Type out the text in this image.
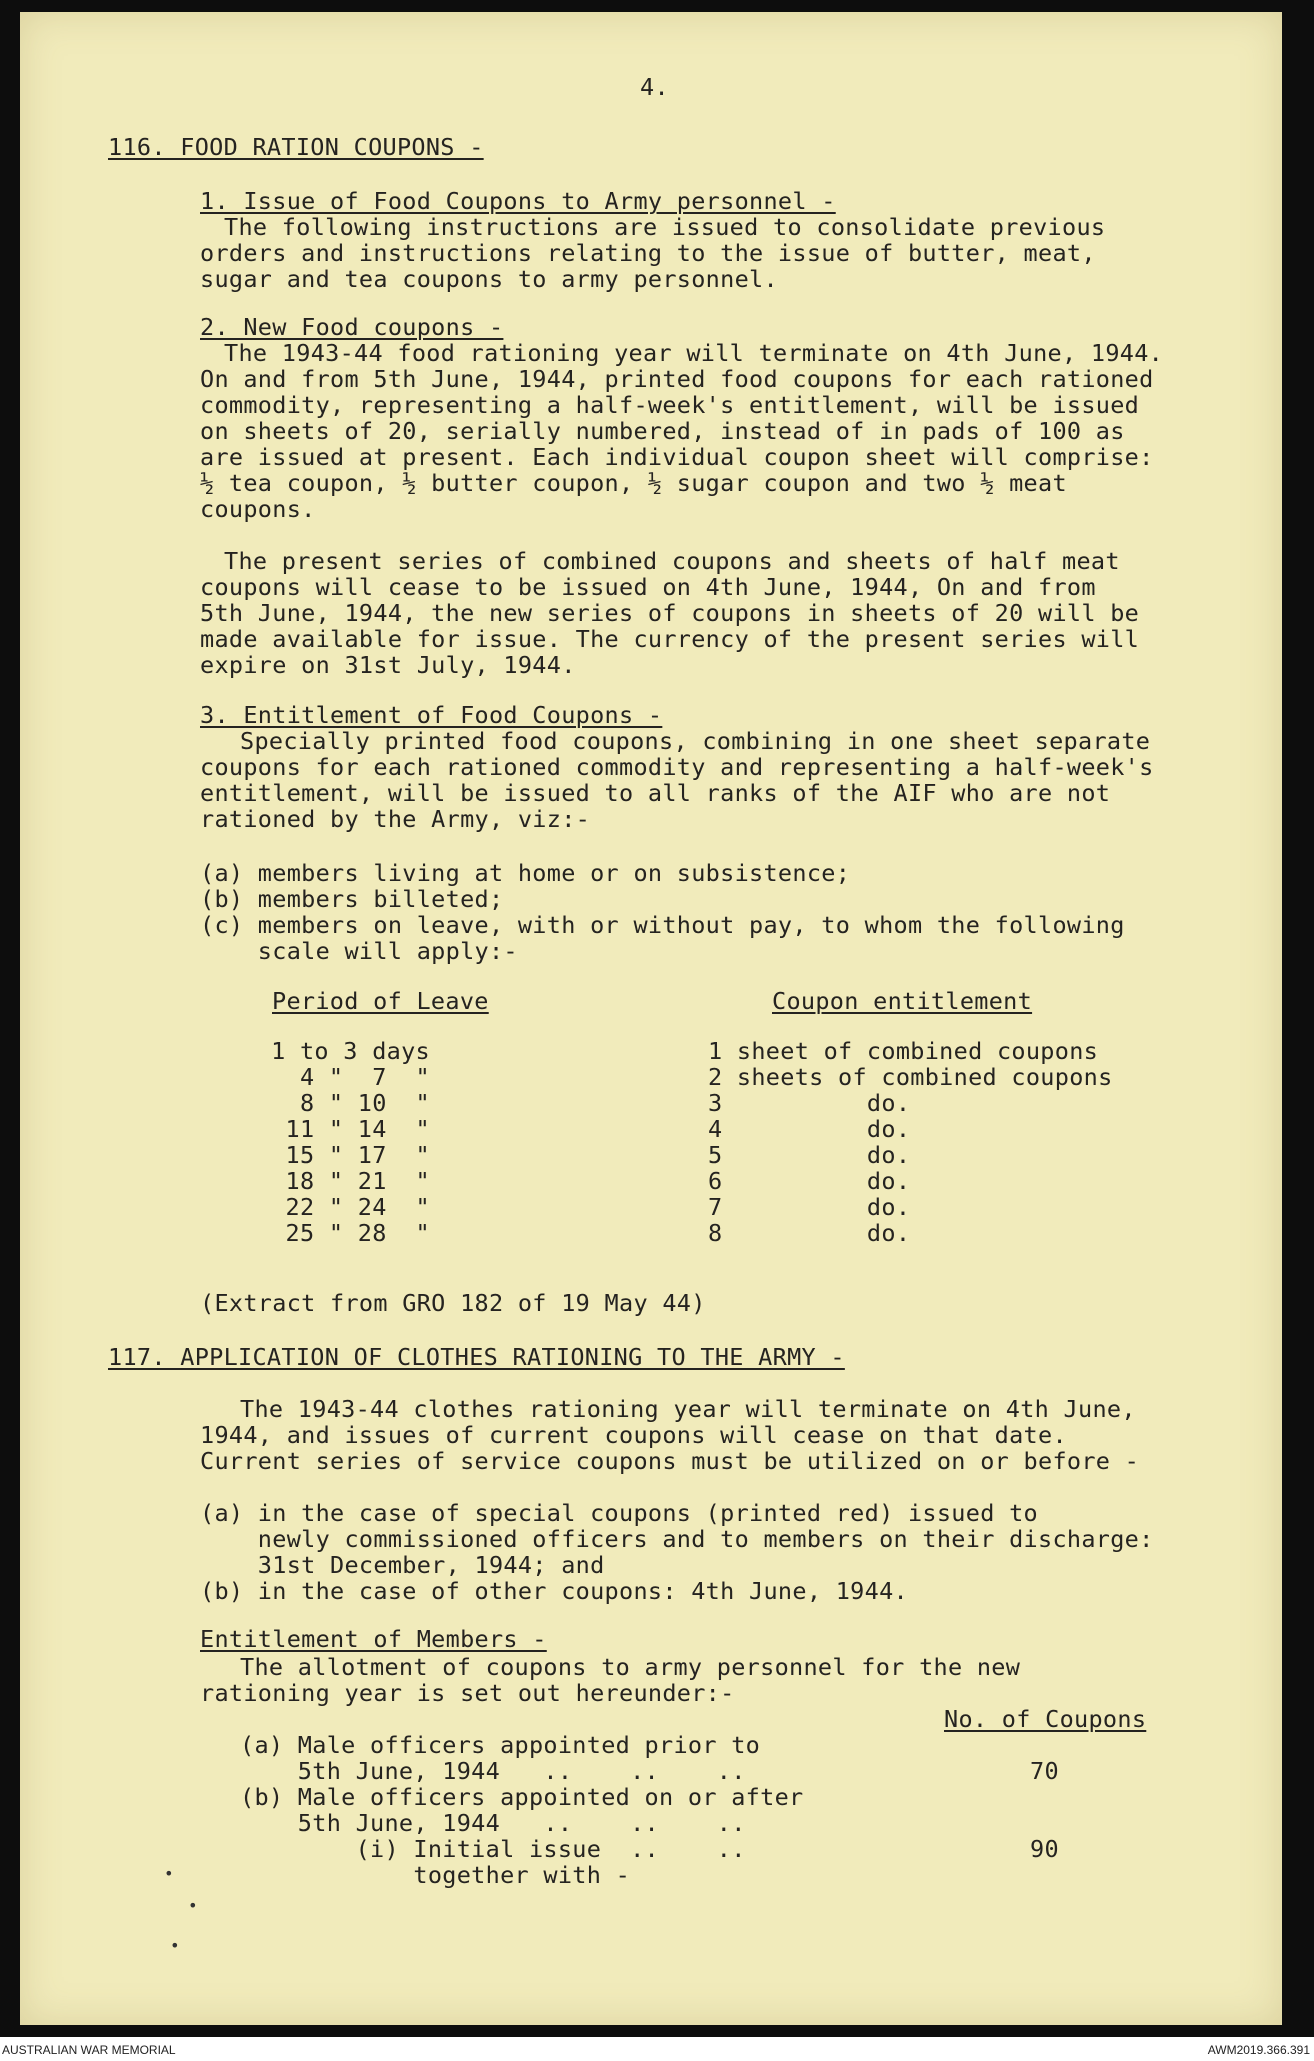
4.
116. FOOD RATION COUPONS -
1. Issue of Food Coupons to Army personnel -
The following instructions are issued to consolidate previous
orders and instructions relating to the issue of butter, meat,
sugar and tea coupons to army personnel.
2. New Food coupons -
The 1943-44 food rationing year will terminate on 4th June, 1944.
On and from 5th June, 1944, printed food coupons for each rationed
commodity, representing a half-week's entitlement, will be issued
on sheets of 20, serially numbered, instead of in pads of 100 as
are issued at present. Each individual coupon sheet will comprise:
½ tea coupon, ½ butter coupon, ½ sugar coupon and two ½ meat
coupons.
The present series of combined coupons and sheets of half meat
coupons will cease to be issued on 4th June, 1944, On and from
5th June, 1944, the new series of coupons in sheets of 20 will be
made available for issue. The currency of the present series will
expire on 31st July, 1944.
3. Entitlement of Food Coupons -
Specially printed food coupons, combining in one sheet separate
coupons for each rationed commodity and representing a half-week's
entitlement, will be issued to all ranks of the AIF who are not
rationed by the Army, viz:-
(a) members living at home or on subsistence;
(b) members billeted;
(c) members on leave, with or without pay, to whom the following
scale will apply:-
Period of Leave	Coupon entitlement
1 to 3 days	1 sheet of combined coupons
4 "  7  "	2 sheets of combined coupons
8 " 10  "	3          do.
11 " 14  "	4          do.
15 " 17  "	5          do.
18 " 21  "	6          do.
22 " 24  "	7          do.
25 " 28  "	8          do.
(Extract from GRO 182 of 19 May 44)
117. APPLICATION OF CLOTHES RATIONING TO THE ARMY -
The 1943-44 clothes rationing year will terminate on 4th June,
1944, and issues of current coupons will cease on that date.
Current series of service coupons must be utilized on or before -
(a) in the case of special coupons (printed red) issued to
newly commissioned officers and to members on their discharge:
31st December, 1944; and
(b) in the case of other coupons: 4th June, 1944.
Entitlement of Members -
The allotment of coupons to army personnel for the new
rationing year is set out hereunder:-
No. of Coupons
(a) Male officers appointed prior to
5th June, 1944   ..    ..    ..	70
(b) Male officers appointed on or after
5th June, 1944   ..    ..    ..
(i) Initial issue  ..    ..	90
together with -
•
•
•
AUSTRALIAN WAR MEMORIAL	AWM2019.366.391
